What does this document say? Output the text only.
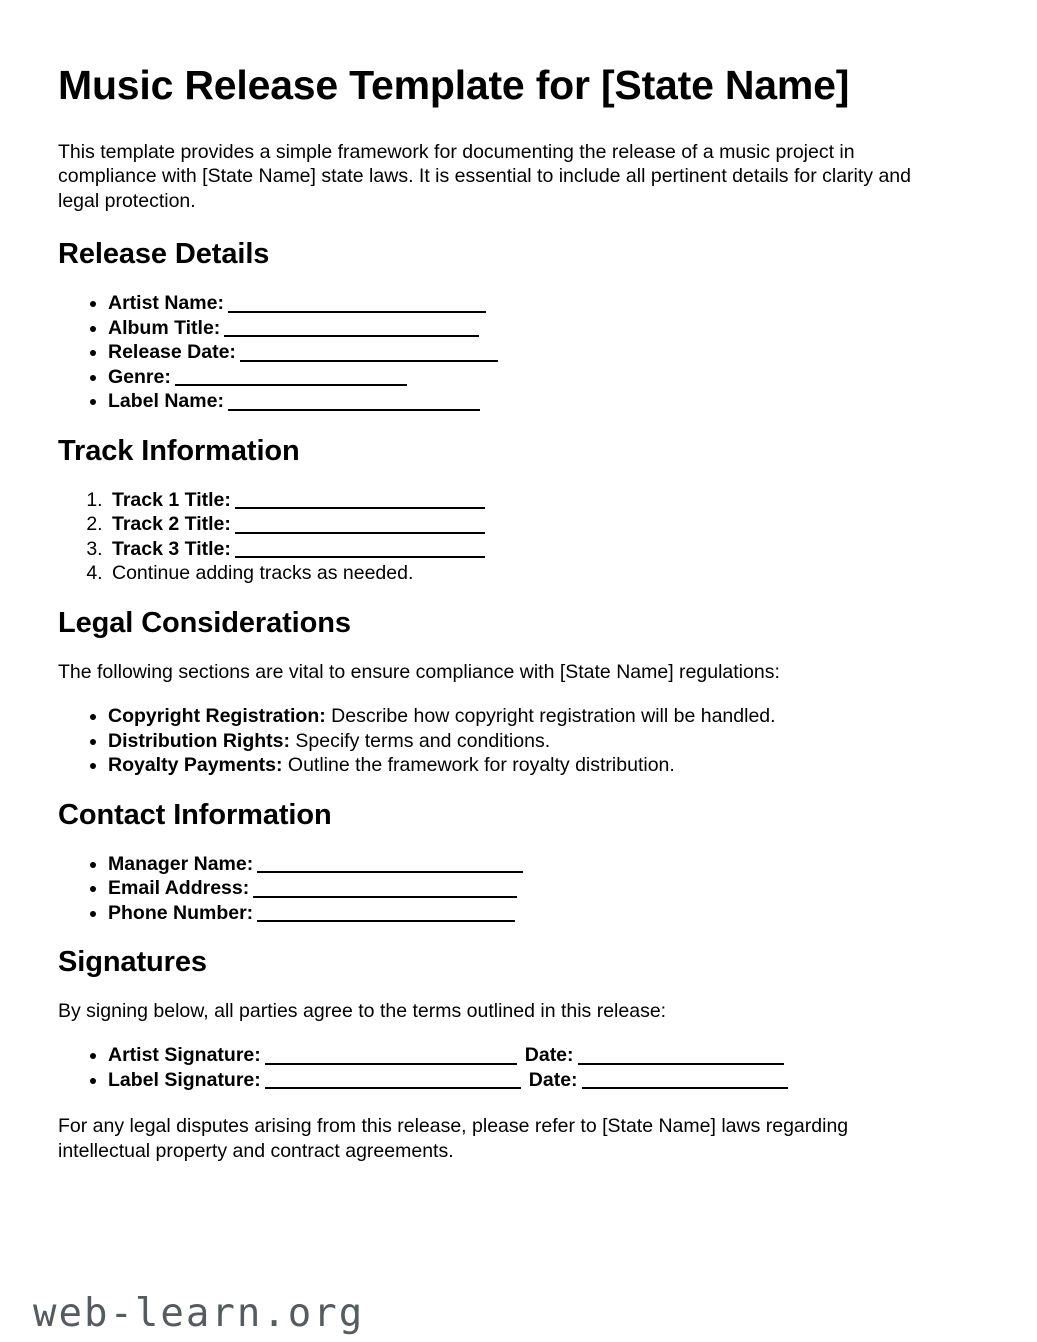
Music Release Template for [State Name]

This template provides a simple framework for documenting the release of a music project in compliance with [State Name] state laws. It is essential to include all pertinent details for clarity and legal protection.

Release Details
• Artist Name:
• Album Title:
• Release Date:
• Genre:
• Label Name:
Track Information
1. Track 1 Title:
2. Track 2 Title:
3. Track 3 Title:
4. Continue adding tracks as needed.
Legal Considerations

The following sections are vital to ensure compliance with [State Name] regulations:

• Copyright Registration: Describe how copyright registration will be handled.
• Distribution Rights: Specify terms and conditions.
• Royalty Payments: Outline the framework for royalty distribution.
Contact Information
• Manager Name:
• Email Address:
• Phone Number:
Signatures

By signing below, all parties agree to the terms outlined in this release:

• Artist Signature:	Date:
• Label Signature:	Date:

For any legal disputes arising from this release, please refer to [State Name] laws regarding intellectual property and contract agreements.

web-learn.org
